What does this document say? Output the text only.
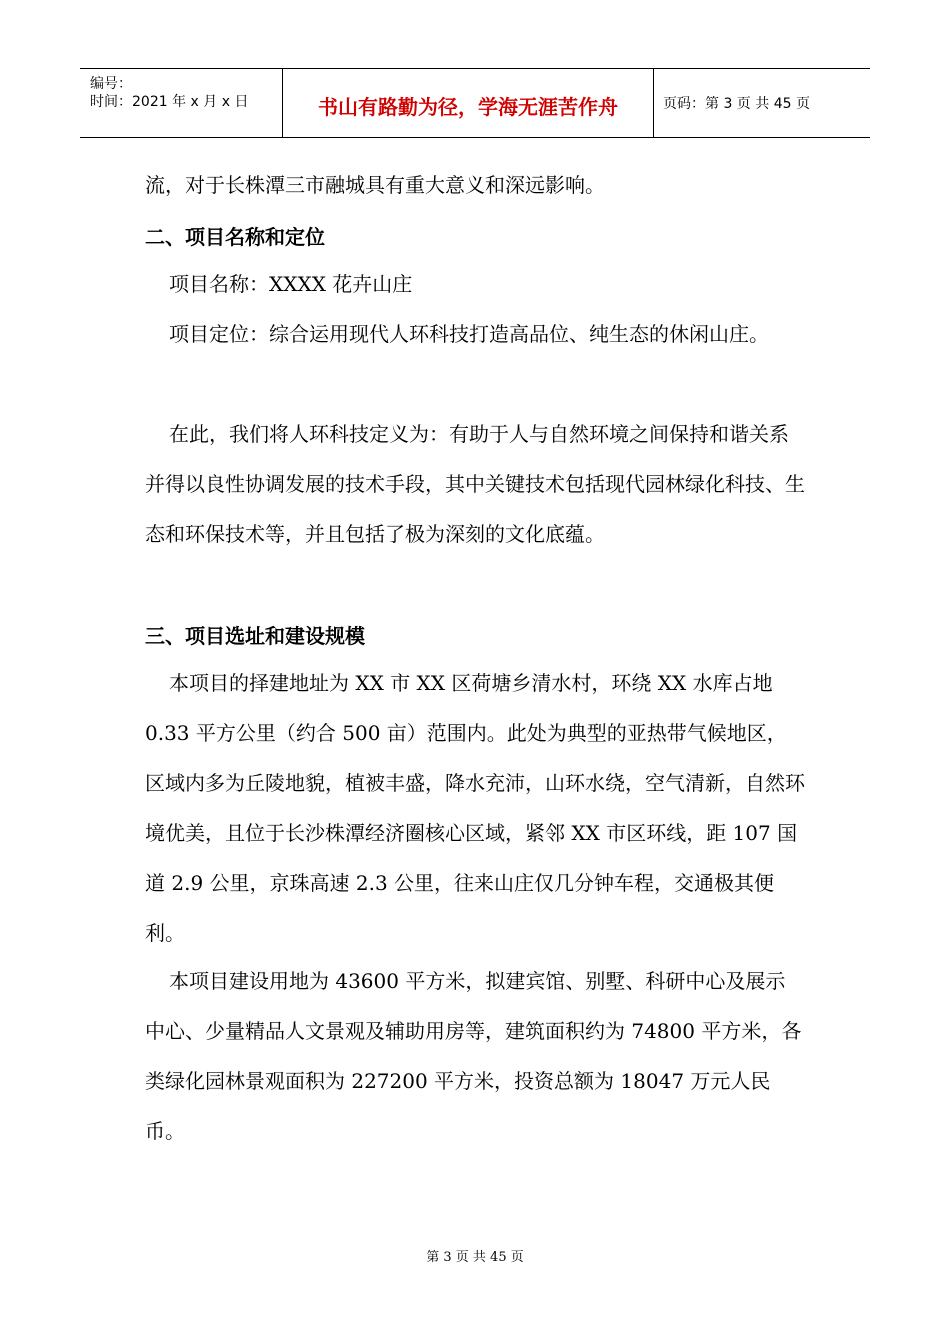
编号：
时间：2021 年 x 月 x 日	书山有路勤为径，学海无涯苦作舟	页码：第 3 页 共 45 页

流，对于长株潭三市融城具有重大意义和深远影响。

二、项目名称和定位

项目名称：XXXX 花卉山庄

项目定位：综合运用现代人环科技打造高品位、纯生态的休闲山庄。

在此，我们将人环科技定义为：有助于人与自然环境之间保持和谐关系并得以良性协调发展的技术手段，其中关键技术包括现代园林绿化科技、生态和环保技术等，并且包括了极为深刻的文化底蕴。

三、项目选址和建设规模

本项目的择建地址为 XX 市 XX 区荷塘乡清水村，环绕 XX 水库占地 0.33 平方公里（约合 500 亩）范围内。此处为典型的亚热带气候地区，区域内多为丘陵地貌，植被丰盛，降水充沛，山环水绕，空气清新，自然环境优美，且位于长沙株潭经济圈核心区域，紧邻 XX 市区环线，距 107 国道 2.9 公里，京珠高速 2.3 公里，往来山庄仅几分钟车程，交通极其便利。

本项目建设用地为 43600 平方米，拟建宾馆、别墅、科研中心及展示中心、少量精品人文景观及辅助用房等，建筑面积约为 74800 平方米，各类绿化园林景观面积为 227200 平方米，投资总额为 18047 万元人民币。

第 3 页 共 45 页
